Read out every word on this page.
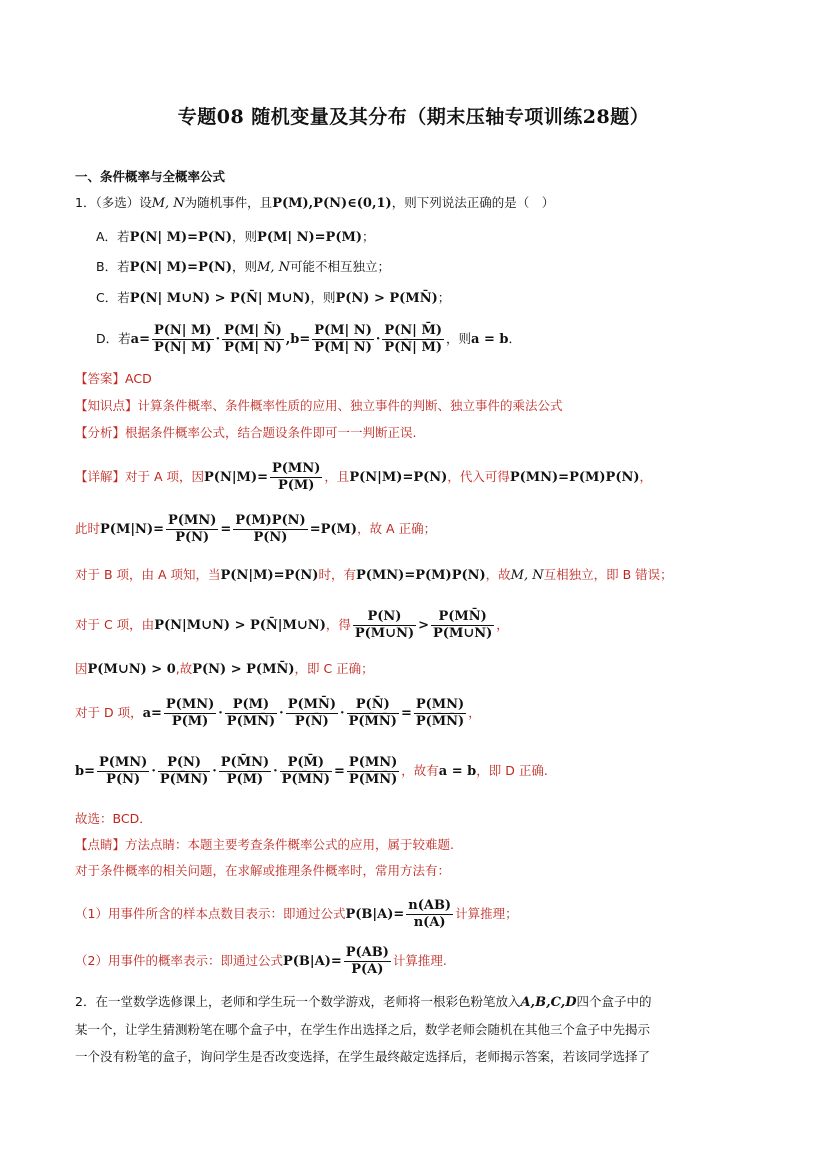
专题08 随机变量及其分布（期末压轴专项训练28题）
一、条件概率与全概率公式
1．（多选）设M, N为随机事件，且P(M),P(N)∈(0,1)，则下列说法正确的是（　）
A．若P(N| M)=P(N)，则P(M| N)=P(M)；
B．若P(N| M)=P(N)，则M, N可能不相互独立；
C．若P(N| M∪N) > P(N̄| M∪N)，则P(N) > P(MN̄)；
D．若$a= \frac{P(N| M)}{P(N̄| M)} \cdot \frac{P(M| N̄)}{P(M̄| N̄)} ,b= \frac{P(M| N)}{P(M̄| N)} \cdot \frac{P(N| M̄)}{P(N̄| M̄)}$ ，则a = b．
【答案】ACD
【知识点】计算条件概率、条件概率性质的应用、独立事件的判断、独立事件的乘法公式
【分析】根据条件概率公式，结合题设条件即可一一判断正误.
【详解】对于 A 项，因$P(N|M)= \frac{P(MN)}{P(M)}$ ，且P(N|M)=P(N)，代入可得P(MN)=P(M)P(N)，
此时$P(M|N)= \frac{P(MN)}{P(N)} = \frac{P(M)P(N)}{P(N)} =P(M)$，故 A 正确；
对于 B 项，由 A 项知，当P(N|M)=P(N)时，有P(MN)=P(M)P(N)，故M, N互相独立，即 B 错误；
对于 C 项，由P(N|M∪N) > P(N̄|M∪N)，得 $\frac{P(N)}{P(M\cup N)} > \frac{P(MN̄)}{P(M\cup N)}$ ，
因P(M∪N) > 0,故P(N) > P(MN̄)，即 C 正确；
对于 D 项，$a= \frac{P(MN)}{P(M)} \cdot \frac{P(M)}{P(MN̄)} \cdot \frac{P(MN̄)}{P(N̄)} \cdot \frac{P(N̄)}{P(M̄N̄)} = \frac{P(MN)}{P(M̄N̄)}$ ，
$b= \frac{P(MN)}{P(N)} \cdot \frac{P(N)}{P(M̄N)} \cdot \frac{P(M̄N)}{P(M̄)} \cdot \frac{P(M̄)}{P(M̄N̄)} = \frac{P(MN)}{P(M̄N̄)}$ ，故有a = b，即 D 正确.
故选：BCD．
【点睛】方法点睛：本题主要考查条件概率公式的应用，属于较难题.
对于条件概率的相关问题，在求解或推理条件概率时，常用方法有：
（1）用事件所含的样本点数目表示：即通过公式$P(B|A)= \frac{n(AB)}{n(A)}$ 计算推理；
（2）用事件的概率表示：即通过公式$P(B|A)= \frac{P(AB)}{P(A)}$ 计算推理.
2．在一堂数学选修课上，老师和学生玩一个数学游戏，老师将一根彩色粉笔放入A,B,C,D四个盒子中的
某一个，让学生猜测粉笔在哪个盒子中，在学生作出选择之后，数学老师会随机在其他三个盒子中先揭示
一个没有粉笔的盒子，询问学生是否改变选择，在学生最终敲定选择后，老师揭示答案，若该同学选择了
